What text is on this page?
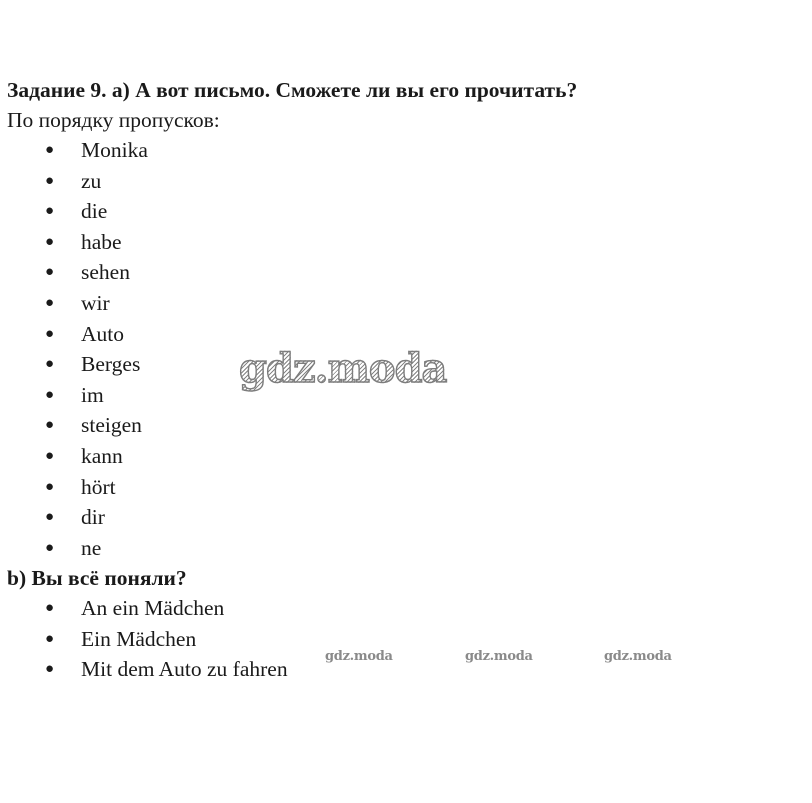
Задание 9. а) А вот письмо. Сможете ли вы его прочитать?
По порядку пропусков:
● Monika
● zu
● die
● habe
● sehen
● wir
● Auto
● Berges
● im
● steigen
● kann
● hört
● dir
● ne
b) Вы всё поняли?
● An ein Mädchen
● Ein Mädchen
● Mit dem Auto zu fahren
gdz.moda
gdz.moda	gdz.moda	gdz.moda
